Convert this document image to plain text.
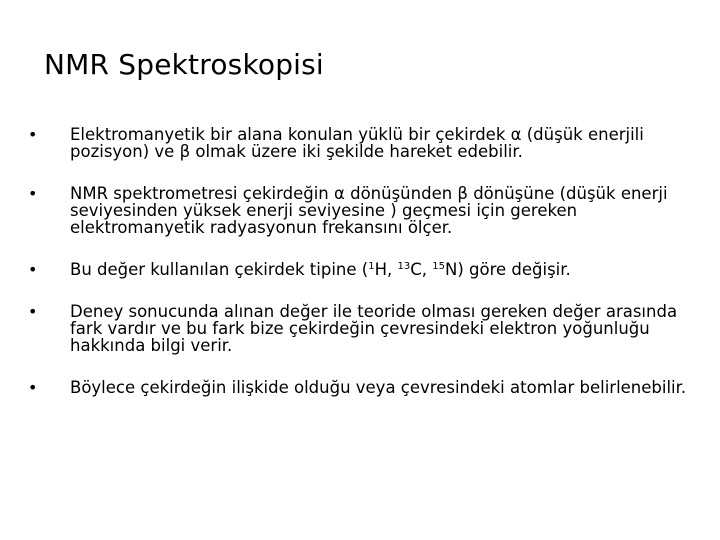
NMR Spektroskopisi
• Elektromanyetik bir alana konulan yüklü bir çekirdek α (düşük enerjili pozisyon) ve β olmak üzere iki şekilde hareket edebilir.
• NMR spektrometresi çekirdeğin α dönüşünden β dönüşüne (düşük enerji seviyesinden yüksek enerji seviyesine ) geçmesi için gereken elektromanyetik radyasyonun frekansını ölçer.
• Bu değer kullanılan çekirdek tipine ($^1$H, $^{13}$C, $^{15}$N) göre değişir.
• Deney sonucunda alınan değer ile teoride olması gereken değer arasında fark vardır ve bu fark bize çekirdeğin çevresindeki elektron yoğunluğu hakkında bilgi verir.
• Böylece çekirdeğin ilişkide olduğu veya çevresindeki atomlar belirlenebilir.
